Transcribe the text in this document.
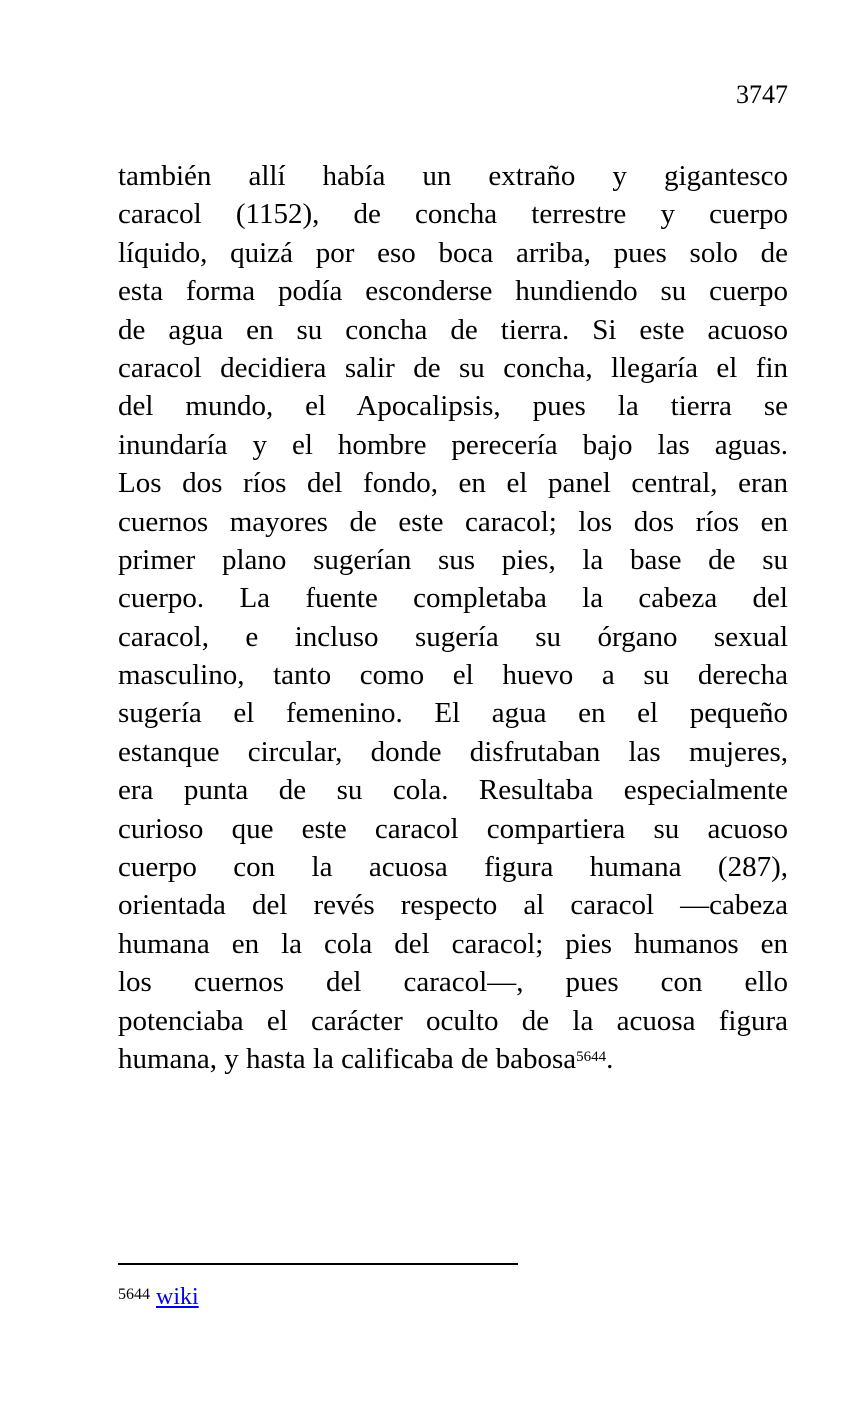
3747
también allí había un extraño y gigantesco
caracol (1152), de concha terrestre y cuerpo
líquido, quizá por eso boca arriba, pues solo de
esta forma podía esconderse hundiendo su cuerpo
de agua en su concha de tierra. Si este acuoso
caracol decidiera salir de su concha, llegaría el fin
del mundo, el Apocalipsis, pues la tierra se
inundaría y el hombre perecería bajo las aguas.
Los dos ríos del fondo, en el panel central, eran
cuernos mayores de este caracol; los dos ríos en
primer plano sugerían sus pies, la base de su
cuerpo. La fuente completaba la cabeza del
caracol, e incluso sugería su órgano sexual
masculino, tanto como el huevo a su derecha
sugería el femenino. El agua en el pequeño
estanque circular, donde disfrutaban las mujeres,
era punta de su cola. Resultaba especialmente
curioso que este caracol compartiera su acuoso
cuerpo con la acuosa figura humana (287),
orientada del revés respecto al caracol —cabeza
humana en la cola del caracol; pies humanos en
los cuernos del caracol—, pues con ello
potenciaba el carácter oculto de la acuosa figura
humana, y hasta la calificaba de babosa$^{5644}$.
$^{5644}$ wiki
